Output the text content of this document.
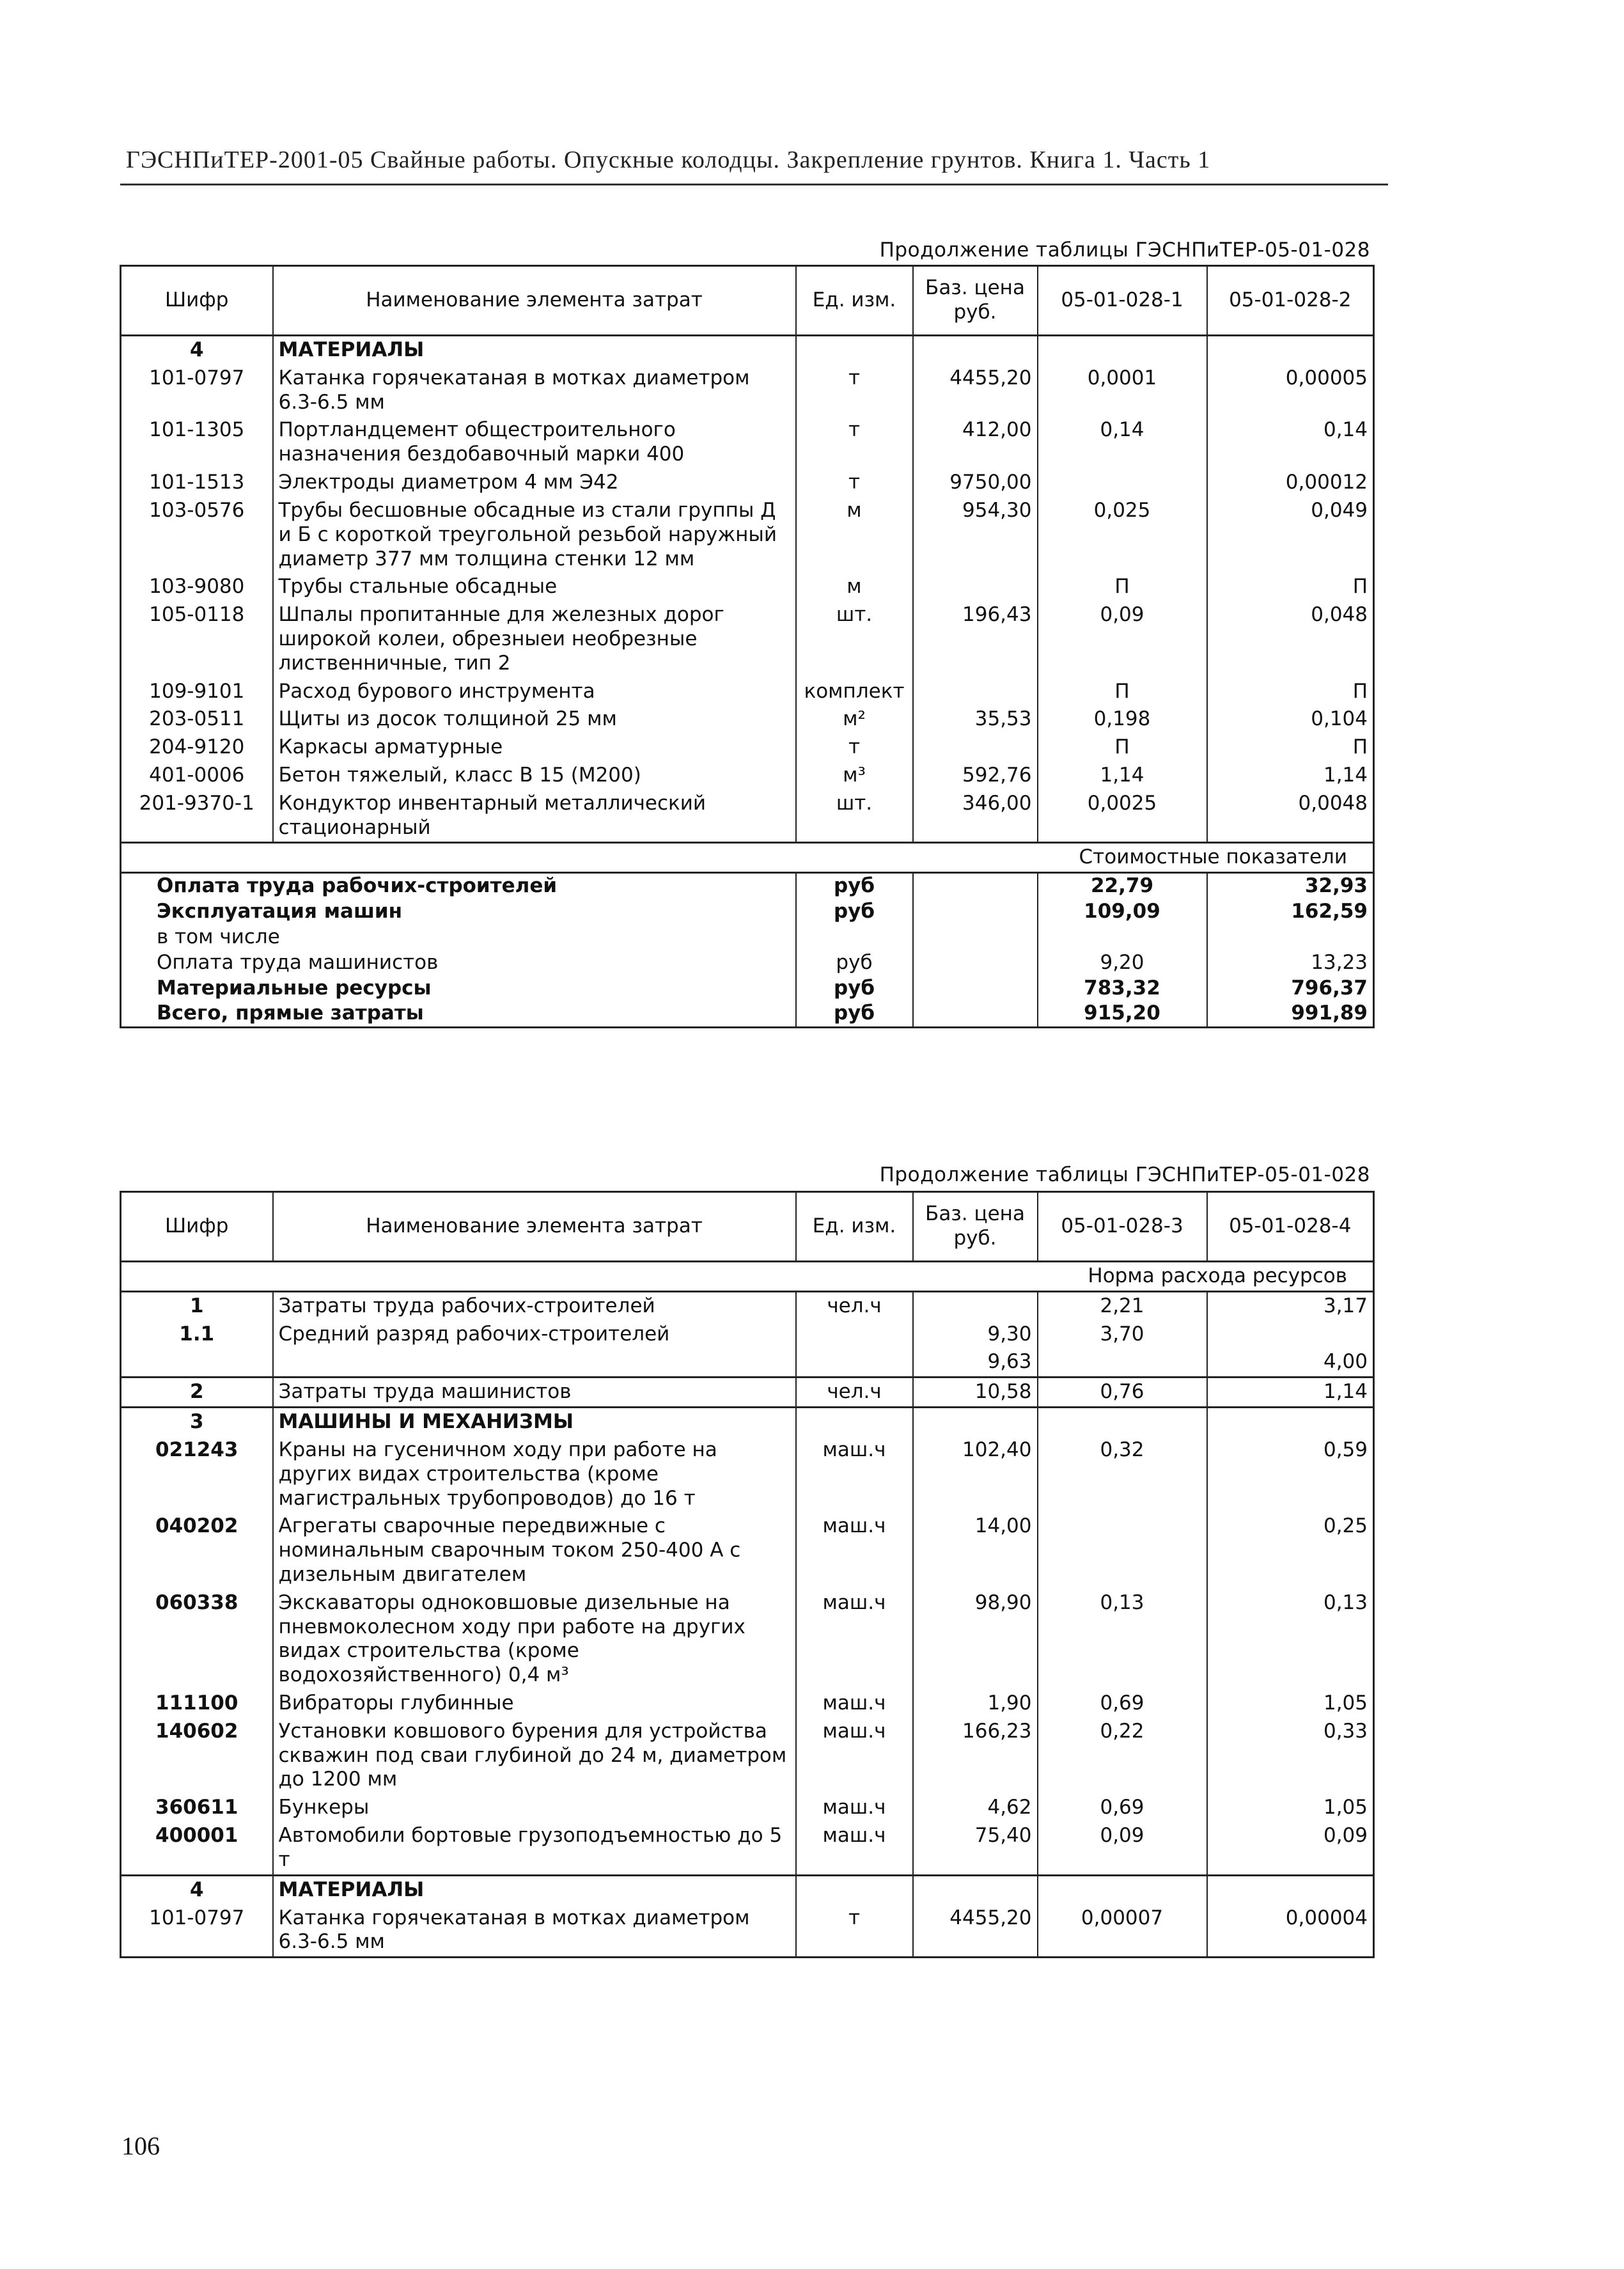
ГЭСНПиТЕР-2001-05 Свайные работы. Опускные колодцы. Закрепление грунтов. Книга 1. Часть 1
Продолжение таблицы ГЭСНПиТЕР-05-01-028
Шифр	Наименование элемента затрат	Ед. изм.	Баз. цена руб.	05-01-028-1	05-01-028-2
4	МАТЕРИАЛЫ				
101-0797	Катанка горячекатаная в мотках диаметром 6.3-6.5 мм	т	4455,20	0,0001	0,00005
101-1305	Портландцемент общестроительного назначения бездобавочный марки 400	т	412,00	0,14	0,14
101-1513	Электроды диаметром 4 мм Э42	т	9750,00		0,00012
103-0576	Трубы бесшовные обсадные из стали группы Д и Б с короткой треугольной резьбой наружный диаметр 377 мм толщина стенки 12 мм	м	954,30	0,025	0,049
103-9080	Трубы стальные обсадные	м		П	П
105-0118	Шпалы пропитанные для железных дорог широкой колеи, обрезныеи необрезные лиственничные, тип 2	шт.	196,43	0,09	0,048
109-9101	Расход бурового инструмента	комплект		П	П
203-0511	Щиты из досок толщиной 25 мм	м²	35,53	0,198	0,104
204-9120	Каркасы арматурные	т		П	П
401-0006	Бетон тяжелый, класс В 15 (М200)	м³	592,76	1,14	1,14
201-9370-1	Кондуктор инвентарный металлический стационарный	шт.	346,00	0,0025	0,0048
Стоимостные показатели					
Оплата труда рабочих-строителей		руб		22,79	32,93
Эксплуатация машин		руб		109,09	162,59
в том числе					
Оплата труда машинистов		руб		9,20	13,23
Материальные ресурсы		руб		783,32	796,37
Всего, прямые затраты		руб		915,20	991,89
Продолжение таблицы ГЭСНПиТЕР-05-01-028
Шифр	Наименование элемента затрат	Ед. изм.	Баз. цена руб.	05-01-028-3	05-01-028-4
Норма расхода ресурсов					
1	Затраты труда рабочих-строителей	чел.ч		2,21	3,17
1.1	Средний разряд рабочих-строителей		9,30	3,70	
			9,63		4,00
2	Затраты труда машинистов	чел.ч	10,58	0,76	1,14
3	МАШИНЫ И МЕХАНИЗМЫ				
021243	Краны на гусеничном ходу при работе на других видах строительства (кроме магистральных трубопроводов) до 16 т	маш.ч	102,40	0,32	0,59
040202	Агрегаты сварочные передвижные с номинальным сварочным током 250-400 А с дизельным двигателем	маш.ч	14,00		0,25
060338	Экскаваторы одноковшовые дизельные на пневмоколесном ходу при работе на других видах строительства (кроме водохозяйственного) 0,4 м³	маш.ч	98,90	0,13	0,13
111100	Вибраторы глубинные	маш.ч	1,90	0,69	1,05
140602	Установки ковшового бурения для устройства скважин под сваи глубиной до 24 м, диаметром до 1200 мм	маш.ч	166,23	0,22	0,33
360611	Бункеры	маш.ч	4,62	0,69	1,05
400001	Автомобили бортовые грузоподъемностью до 5 т	маш.ч	75,40	0,09	0,09
4	МАТЕРИАЛЫ				
101-0797	Катанка горячекатаная в мотках диаметром 6.3-6.5 мм	т	4455,20	0,00007	0,00004
106
